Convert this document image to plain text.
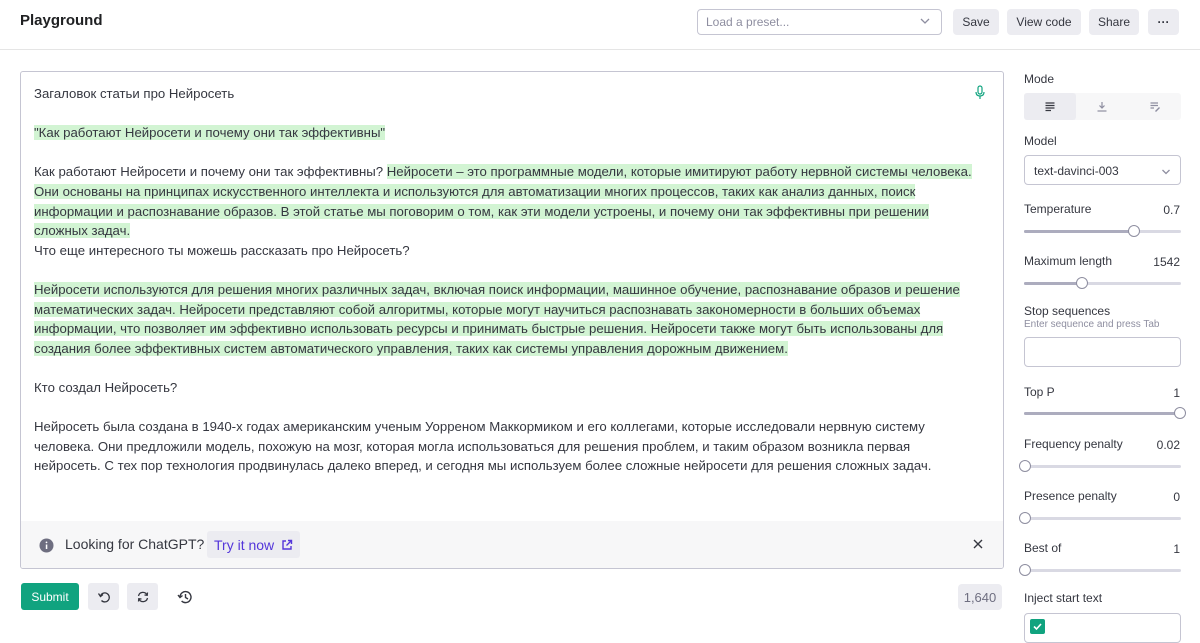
Playground	Load a preset...	Save	View code	Share	···

Загаловок статьи про Нейросеть

"Как работают Нейросети и почему они так эффективны"

Как работают Нейросети и почему они так эффективны? Нейросети – это программные модели, которые имитируют работу нервной системы человека. Они основаны на принципах искусственного интеллекта и используются для автоматизации многих процессов, таких как анализ данных, поиск информации и распознавание образов. В этой статье мы поговорим о том, как эти модели устроены, и почему они так эффективны при решении сложных задач.

Что еще интересного ты можешь рассказать про Нейросеть?

Нейросети используются для решения многих различных задач, включая поиск информации, машинное обучение, распознавание образов и решение математических задач. Нейросети представляют собой алгоритмы, которые могут научиться распознавать закономерности в больших объемах информации, что позволяет им эффективно использовать ресурсы и принимать быстрые решения. Нейросети также могут быть использованы для создания более эффективных систем автоматического управления, таких как системы управления дорожным движением.

Кто создал Нейросеть?

Нейросеть была создана в 1940-х годах американским ученым Уорреном Маккормиком и его коллегами, которые исследовали нервную систему человека. Они предложили модель, похожую на мозг, которая могла использоваться для решения проблем, и таким образом возникла первая нейросеть. С тех пор технология продвинулась далеко вперед, и сегодня мы используем более сложные нейросети для решения сложных задач.

Looking for ChatGPT? Try it now
Submit	1,640
Mode
Model
text-davinci-003
Temperature	0.7
Maximum length	1542
Stop sequences
Enter sequence and press Tab
Top P	1
Frequency penalty	0.02
Presence penalty	0
Best of	1
Inject start text
